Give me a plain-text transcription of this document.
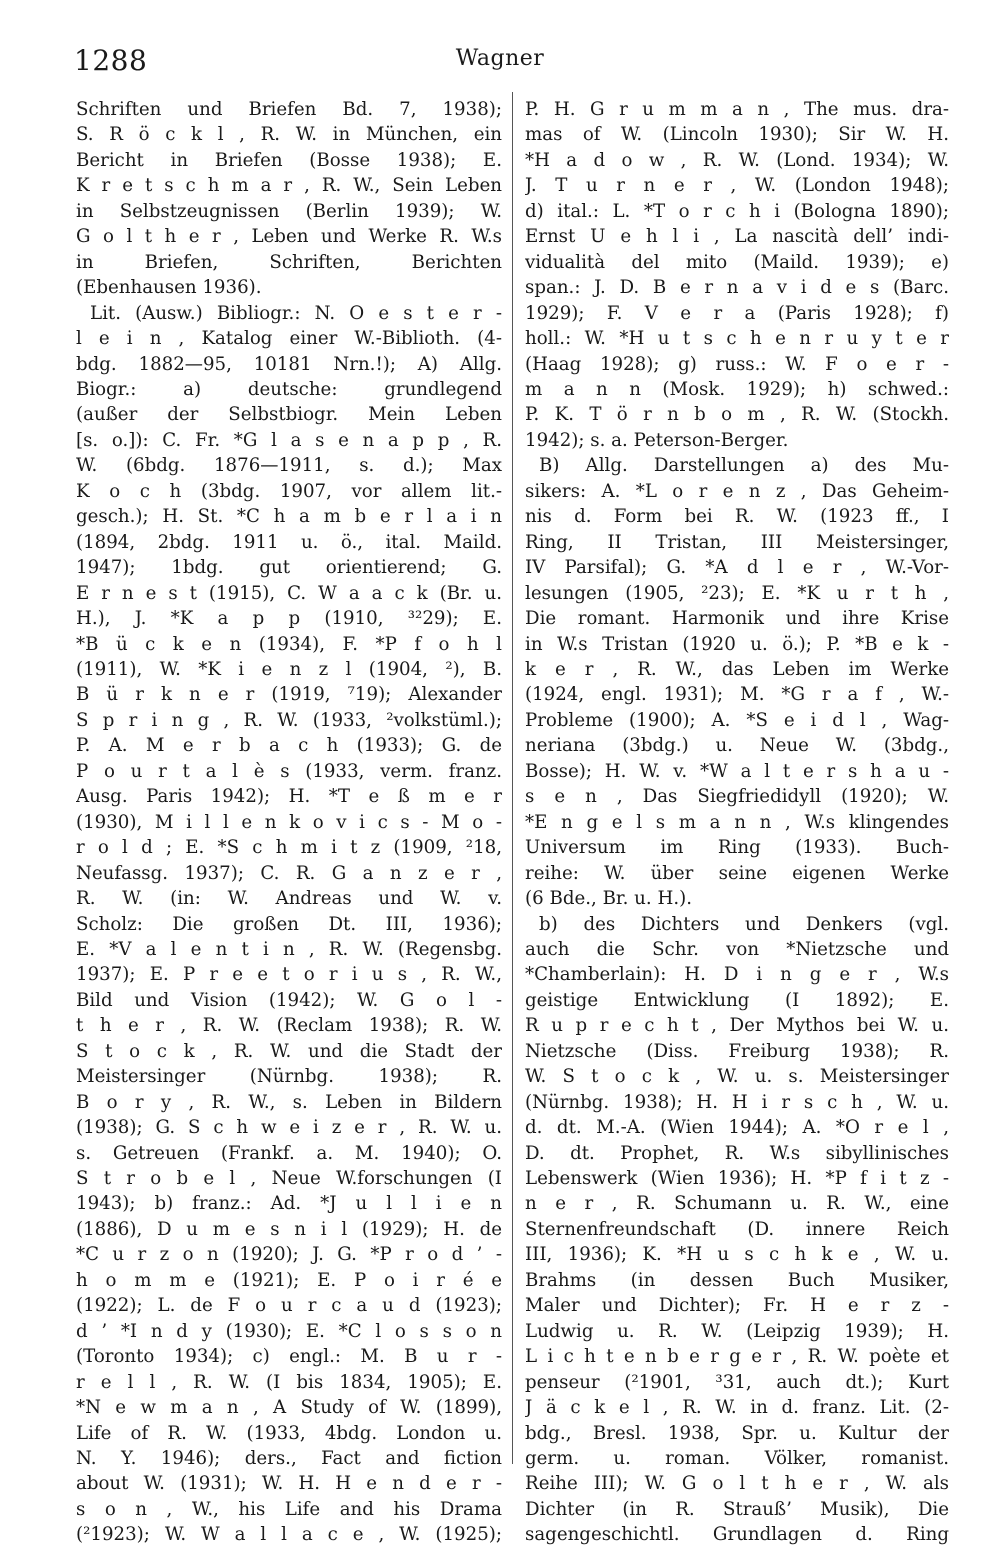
1288	Wagner
Schriften und Briefen Bd. 7, 1938);
S. R ö c k l , R. W. in München, ein
Bericht in Briefen (Bosse 1938); E.
K r e t s c h m a r , R. W., Sein Leben
in Selbstzeugnissen (Berlin 1939); W.
G o l t h e r , Leben und Werke R. W.s
in Briefen, Schriften, Berichten
(Ebenhausen 1936).
Lit. (Ausw.) Bibliogr.: N. O e s t e r -
l e i n , Katalog einer W.-Biblioth. (4-
bdg. 1882—95, 10181 Nrn.!); A) Allg.
Biogr.: a) deutsche: grundlegend
(außer der Selbstbiogr. Mein Leben
[s. o.]): C. Fr. *G l a s e n a p p , R.
W. (6bdg. 1876—1911, s. d.); Max
K o c h (3bdg. 1907, vor allem lit.-
gesch.); H. St. *C h a m b e r l a i n
(1894, 2bdg. 1911 u. ö., ital. Maild.
1947); 1bdg. gut orientierend; G.
E r n e s t (1915), C. W a a c k (Br. u.
H.), J. *K a p p (1910, ³²29); E.
*B ü c k e n (1934), F. *P f o h l
(1911), W. *K i e n z l (1904, ²), B.
B ü r k n e r (1919, ⁷19); Alexander
S p r i n g , R. W. (1933, ²volkstüml.);
P. A. M e r b a c h (1933); G. de
P o u r t a l è s (1933, verm. franz.
Ausg. Paris 1942); H. *T e ß m e r
(1930), M i l l e n k o v i c s - M o -
r o l d ; E. *S c h m i t z (1909, ²18,
Neufassg. 1937); C. R. G a n z e r ,
R. W. (in: W. Andreas und W. v.
Scholz: Die großen Dt. III, 1936);
E. *V a l e n t i n , R. W. (Regensbg.
1937); E. P r e e t o r i u s , R. W.,
Bild und Vision (1942); W. G o l -
t h e r , R. W. (Reclam 1938); R. W.
S t o c k , R. W. und die Stadt der
Meistersinger (Nürnbg. 1938); R.
B o r y , R. W., s. Leben in Bildern
(1938); G. S c h w e i z e r , R. W. u.
s. Getreuen (Frankf. a. M. 1940); O.
S t r o b e l , Neue W.forschungen (I
1943); b) franz.: Ad. *J u l l i e n
(1886), D u m e s n i l (1929); H. de
*C u r z o n (1920); J. G. *P r o d ’ -
h o m m e (1921); E. P o i r é e
(1922); L. de F o u r c a u d (1923);
d ’ *I n d y (1930); E. *C l o s s o n
(Toronto 1934); c) engl.: M. B u r -
r e l l , R. W. (I bis 1834, 1905); E.
*N e w m a n , A Study of W. (1899),
Life of R. W. (1933, 4bdg. London u.
N. Y. 1946); ders., Fact and fiction
about W. (1931); W. H. H e n d e r -
s o n , W., his Life and his Drama
(²1923); W. W a l l a c e , W. (1925);
P. H. G r u m m a n , The mus. dra-
mas of W. (Lincoln 1930); Sir W. H.
*H a d o w , R. W. (Lond. 1934); W.
J. T u r n e r , W. (London 1948);
d) ital.: L. *T o r c h i (Bologna 1890);
Ernst U e h l i , La nascità dell’ indi-
vidualità del mito (Maild. 1939); e)
span.: J. D. B e r n a v i d e s (Barc.
1929); F. V e r a (Paris 1928); f)
holl.: W. *H u t s c h e n r u y t e r
(Haag 1928); g) russ.: W. F o e r -
m a n n (Mosk. 1929); h) schwed.:
P. K. T ö r n b o m , R. W. (Stockh.
1942); s. a. Peterson-Berger.
B) Allg. Darstellungen a) des Mu-
sikers: A. *L o r e n z , Das Geheim-
nis d. Form bei R. W. (1923 ff., I
Ring, II Tristan, III Meistersinger,
IV Parsifal); G. *A d l e r , W.-Vor-
lesungen (1905, ²23); E. *K u r t h ,
Die romant. Harmonik und ihre Krise
in W.s Tristan (1920 u. ö.); P. *B e k -
k e r , R. W., das Leben im Werke
(1924, engl. 1931); M. *G r a f , W.-
Probleme (1900); A. *S e i d l , Wag-
neriana (3bdg.) u. Neue W. (3bdg.,
Bosse); H. W. v. *W a l t e r s h a u -
s e n , Das Siegfriedidyll (1920); W.
*E n g e l s m a n n , W.s klingendes
Universum im Ring (1933). Buch-
reihe: W. über seine eigenen Werke
(6 Bde., Br. u. H.).
b) des Dichters und Denkers (vgl.
auch die Schr. von *Nietzsche und
*Chamberlain): H. D i n g e r , W.s
geistige Entwicklung (I 1892); E.
R u p r e c h t , Der Mythos bei W. u.
Nietzsche (Diss. Freiburg 1938); R.
W. S t o c k , W. u. s. Meistersinger
(Nürnbg. 1938); H. H i r s c h , W. u.
d. dt. M.-A. (Wien 1944); A. *O r e l ,
D. dt. Prophet, R. W.s sibyllinisches
Lebenswerk (Wien 1936); H. *P f i t z -
n e r , R. Schumann u. R. W., eine
Sternenfreundschaft (D. innere Reich
III, 1936); K. *H u s c h k e , W. u.
Brahms (in dessen Buch Musiker,
Maler und Dichter); Fr. H e r z -
Ludwig u. R. W. (Leipzig 1939); H.
L i c h t e n b e r g e r , R. W. poète et
penseur (²1901, ³31, auch dt.); Kurt
J ä c k e l , R. W. in d. franz. Lit. (2-
bdg., Bresl. 1938, Spr. u. Kultur der
germ. u. roman. Völker, romanist.
Reihe III); W. G o l t h e r , W. als
Dichter (in R. Strauß’ Musik), Die
sagengeschichtl. Grundlagen d. Ring
